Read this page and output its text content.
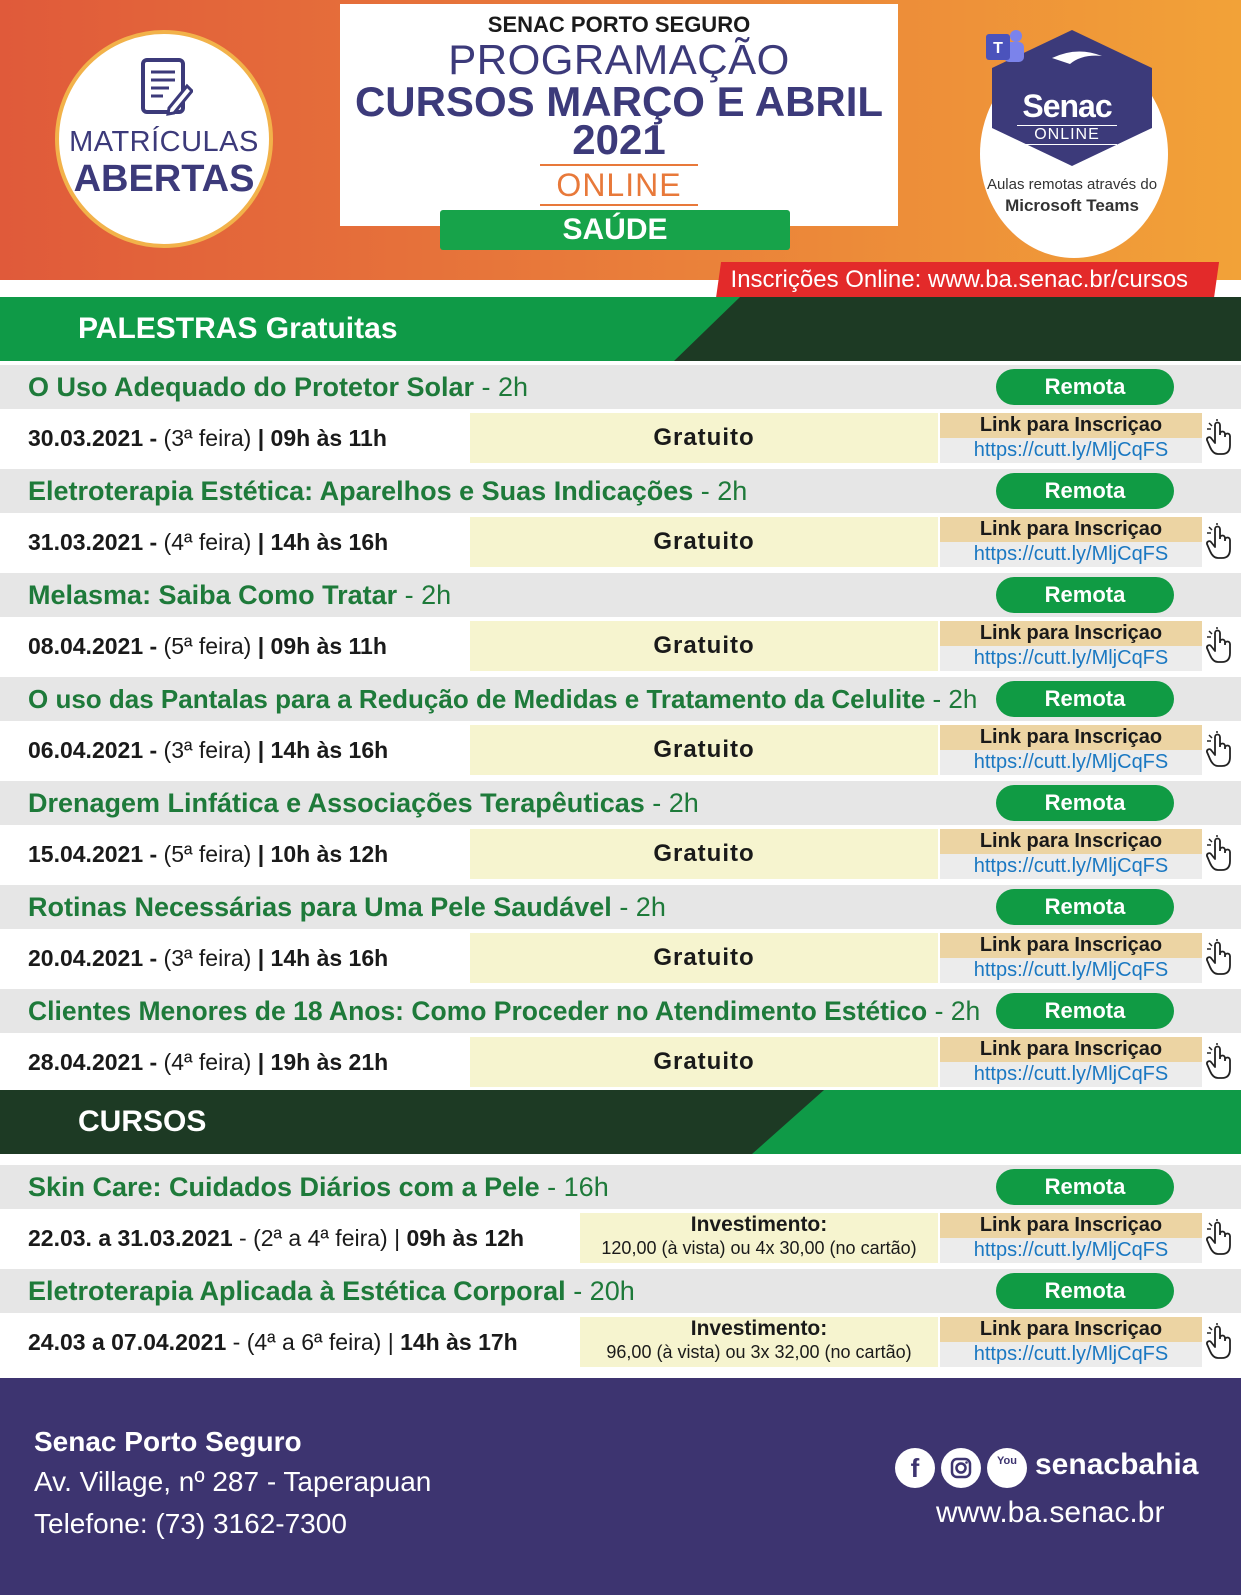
MATRÍCULAS
ABERTAS
SENAC PORTO SEGURO
PROGRAMAÇÃO
CURSOS MARÇO E ABRIL
2021
ONLINE
SAÚDE
Senac
ONLINE
Aulas remotas através do
Microsoft Teams
T
Inscrições Online: www.ba.senac.br/cursos
PALESTRAS Gratuitas
O Uso Adequado do Protetor Solar - 2h	Remota
30.03.2021 - (3ª feira) | 09h às 11h	Gratuito	Link para Inscriçao
https://cutt.ly/MljCqFS
Eletroterapia Estética: Aparelhos e Suas Indicações - 2h	Remota
31.03.2021 - (4ª feira) | 14h às 16h	Gratuito	Link para Inscriçao
https://cutt.ly/MljCqFS
Melasma: Saiba Como Tratar - 2h	Remota
08.04.2021 - (5ª feira) | 09h às 11h	Gratuito	Link para Inscriçao
https://cutt.ly/MljCqFS
O uso das Pantalas para a Redução de Medidas e Tratamento da Celulite - 2h	Remota
06.04.2021 - (3ª feira) | 14h às 16h	Gratuito	Link para Inscriçao
https://cutt.ly/MljCqFS
Drenagem Linfática e Associações Terapêuticas - 2h	Remota
15.04.2021 - (5ª feira) | 10h às 12h	Gratuito	Link para Inscriçao
https://cutt.ly/MljCqFS
Rotinas Necessárias para Uma Pele Saudável - 2h	Remota
20.04.2021 - (3ª feira) | 14h às 16h	Gratuito	Link para Inscriçao
https://cutt.ly/MljCqFS
Clientes Menores de 18 Anos: Como Proceder no Atendimento Estético - 2h	Remota
28.04.2021 - (4ª feira) | 19h às 21h	Gratuito	Link para Inscriçao
https://cutt.ly/MljCqFS
CURSOS
Skin Care: Cuidados Diários com a Pele - 16h	Remota
22.03. a 31.03.2021 - (2ª a 4ª feira) | 09h às 12h
Investimento:
120,00 (à vista) ou 4x 30,00 (no cartão)
Link para Inscriçao
https://cutt.ly/MljCqFS
Eletroterapia Aplicada à Estética Corporal - 20h	Remota
24.03 a 07.04.2021 - (4ª a 6ª feira) | 14h às 17h
Investimento:
96,00 (à vista) ou 3x 32,00 (no cartão)
Link para Inscriçao
https://cutt.ly/MljCqFS
Senac Porto Seguro
Av. Village, nº 287 - Taperapuan
Telefone: (73) 3162-7300
f	You senacbahia
www.ba.senac.br
